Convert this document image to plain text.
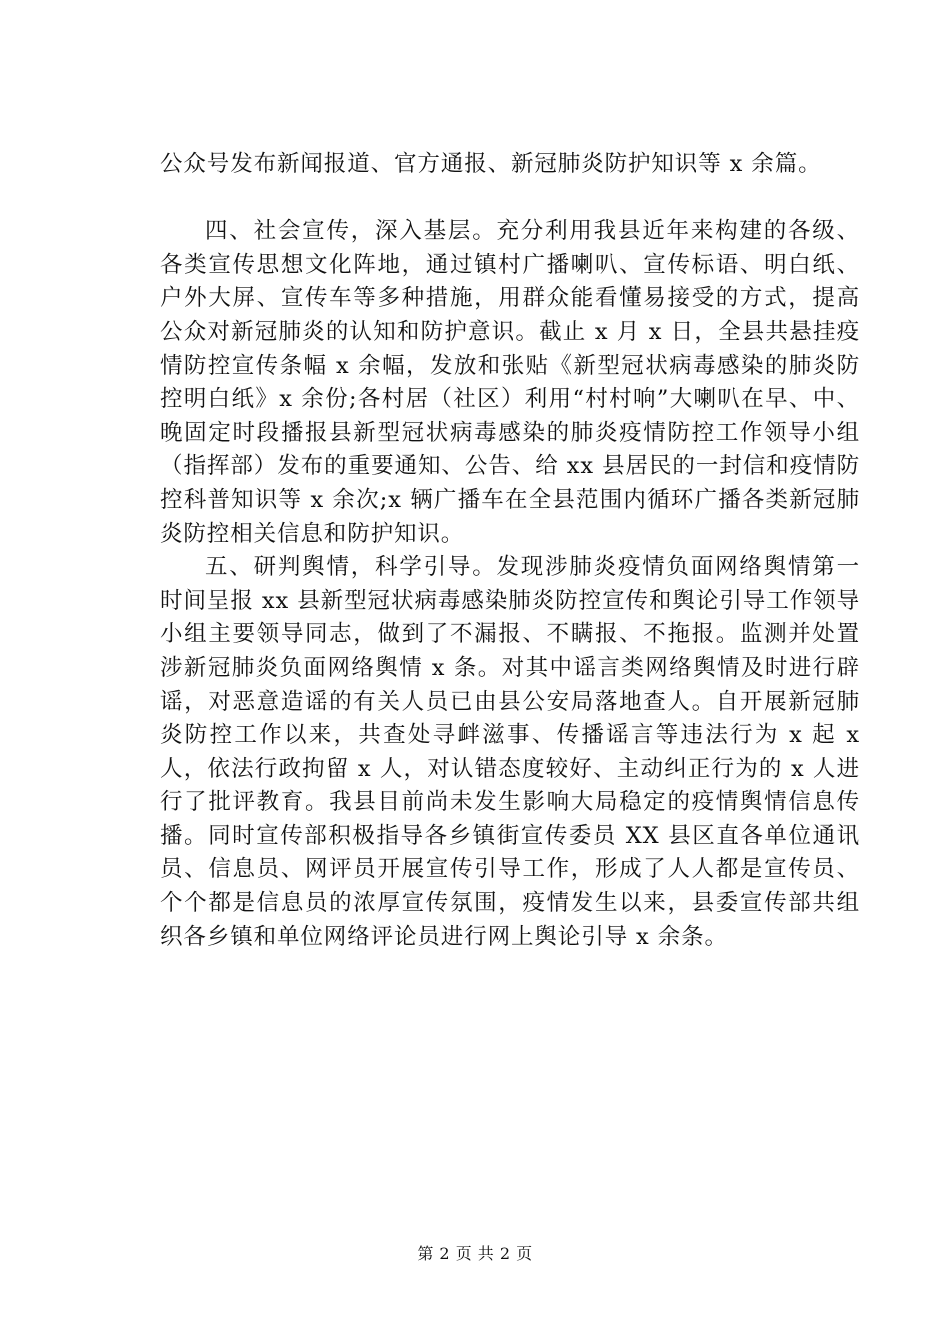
公众号发布新闻报道、官方通报、新冠肺炎防护知识等 x 余篇。

四、社会宣传，深入基层。充分利用我县近年来构建的各级、各类宣传思想文化阵地，通过镇村广播喇叭、宣传标语、明白纸、户外大屏、宣传车等多种措施，用群众能看懂易接受的方式，提高公众对新冠肺炎的认知和防护意识。截止 x 月 x 日，全县共悬挂疫情防控宣传条幅 x 余幅，发放和张贴《新型冠状病毒感染的肺炎防控明白纸》x 余份;各村居（社区）利用“村村响”大喇叭在早、中、晚固定时段播报县新型冠状病毒感染的肺炎疫情防控工作领导小组（指挥部）发布的重要通知、公告、给 xx 县居民的一封信和疫情防控科普知识等 x 余次;x 辆广播车在全县范围内循环广播各类新冠肺炎防控相关信息和防护知识。

五、研判舆情，科学引导。发现涉肺炎疫情负面网络舆情第一时间呈报 xx 县新型冠状病毒感染肺炎防控宣传和舆论引导工作领导小组主要领导同志，做到了不漏报、不瞒报、不拖报。监测并处置涉新冠肺炎负面网络舆情 x 条。对其中谣言类网络舆情及时进行辟谣，对恶意造谣的有关人员已由县公安局落地查人。自开展新冠肺炎防控工作以来，共查处寻衅滋事、传播谣言等违法行为 x 起 x 人，依法行政拘留 x 人，对认错态度较好、主动纠正行为的 x 人进行了批评教育。我县目前尚未发生影响大局稳定的疫情舆情信息传播。同时宣传部积极指导各乡镇街宣传委员 XX 县区直各单位通讯员、信息员、网评员开展宣传引导工作，形成了人人都是宣传员、个个都是信息员的浓厚宣传氛围，疫情发生以来，县委宣传部共组织各乡镇和单位网络评论员进行网上舆论引导 x 余条。

第 2 页 共 2 页
